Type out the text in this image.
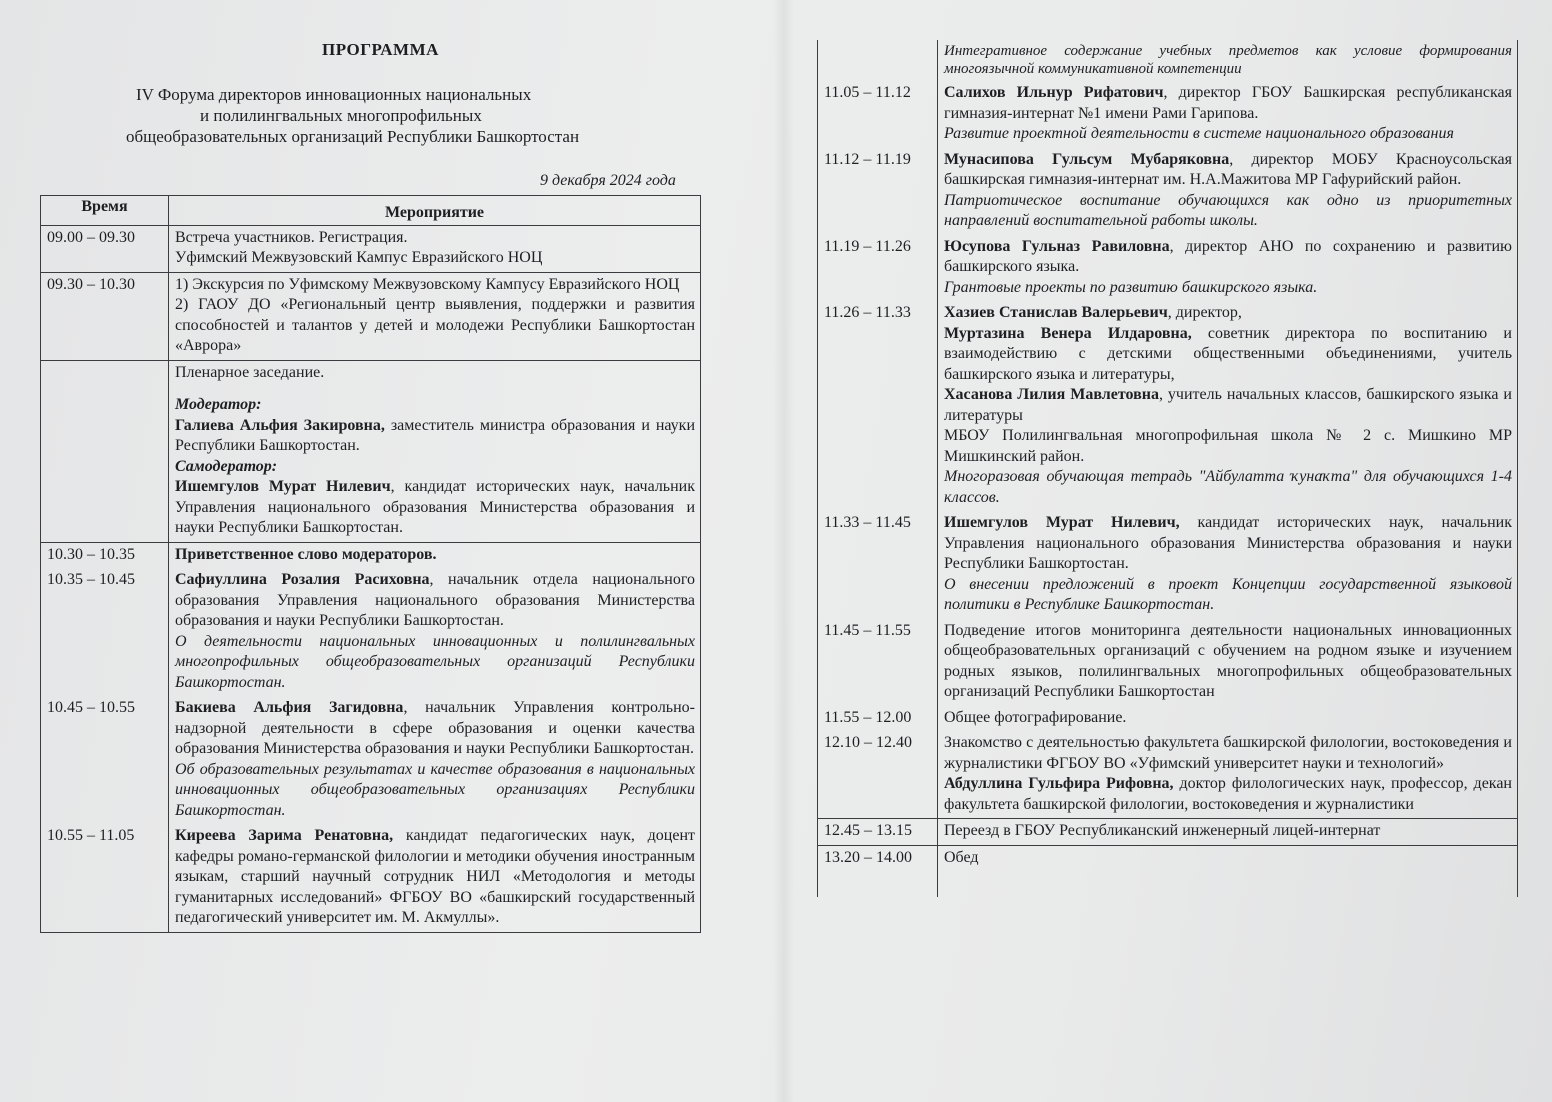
ПРОГРАММА
IV Форума директоров инновационных национальных
и полилингвальных многопрофильных
общеобразовательных организаций Республики Башкортостан
9 декабря 2024 года
Время	Мероприятие
09.00 – 09.30	Встреча участников. Регистрация.
Уфимский Межвузовский Кампус Евразийского НОЦ

09.30 – 10.30	1) Экскурсия по Уфимскому Межвузовскому Кампусу Евразийского НОЦ
2) ГАОУ ДО «Региональный центр выявления, поддержки и развития способностей и талантов у детей и молодежи Республики Башкортостан «Аврора»

	Пленарное заседание.
Модератор:
Галиева Альфия Закировна, заместитель министра образования и науки Республики Башкортостан.
Самодератор:
Ишемгулов Мурат Нилевич, кандидат исторических наук, начальник Управления национального образования Министерства образования и науки Республики Башкортостан.

10.30 – 10.35	Приветственное слово модераторов.
10.35 – 10.45	Сафиуллина Розалия Расиховна, начальник отдела национального образования Управления национального образования Министерства образования и науки Республики Башкортостан.
О деятельности национальных инновационных и полилингвальных многопрофильных общеобразовательных организаций Республики Башкортостан.

10.45 – 10.55	Бакиева Альфия Загидовна, начальник Управления контрольно-надзорной деятельности в сфере образования и оценки качества образования Министерства образования и науки Республики Башкортостан.
Об образовательных результатах и качестве образования в национальных инновационных общеобразовательных организациях Республики Башкортостан.

10.55 – 11.05	Киреева Зарима Ренатовна, кандидат педагогических наук, доцент кафедры романо-германской филологии и методики обучения иностранным языкам, старший научный сотрудник НИЛ «Методология и методы гуманитарных исследований» ФГБОУ ВО «башкирский государственный педагогический университет им. М. Акмуллы».
	Интегративное содержание учебных предметов как условие формирования многоязычной коммуникативной компетенции
11.05 – 11.12	Салихов Ильнур Рифатович, директор ГБОУ Башкирская республиканская гимназия-интернат №1 имени Рами Гарипова.
Развитие проектной деятельности в системе национального образования

11.12 – 11.19	Мунасипова Гульсум Мубаряковна, директор МОБУ Красноусольская башкирская гимназия-интернат им. Н.А.Мажитова МР Гафурийский район.
Патриотическое воспитание обучающихся как одно из приоритетных направлений воспитательной работы школы.

11.19 – 11.26	Юсупова Гульназ Равиловна, директор АНО по сохранению и развитию башкирского языка.
Грантовые проекты по развитию башкирского языка.

11.26 – 11.33	Хазиев Станислав Валерьевич, директор,
Муртазина Венера Илдаровна, советник директора по воспитанию и взаимодействию с детскими общественными объединениями, учитель башкирского языка и литературы,
Хасанова Лилия Мавлетовна, учитель начальных классов, башкирского языка и литературы
МБОУ Полилингвальная многопрофильная школа № 2 с. Мишкино МР Мишкинский район.
Многоразовая обучающая тетрадь "Айбулатта ҡунаҡта" для обучающихся 1-4 классов.

11.33 – 11.45	Ишемгулов Мурат Нилевич, кандидат исторических наук, начальник Управления национального образования Министерства образования и науки Республики Башкортостан.
О внесении предложений в проект Концепции государственной языковой политики в Республике Башкортостан.

11.45 – 11.55	Подведение итогов мониторинга деятельности национальных инновационных общеобразовательных организаций с обучением на родном языке и изучением родных языков, полилингвальных многопрофильных общеобразовательных организаций Республики Башкортостан
11.55 – 12.00	Общее фотографирование.
12.10 – 12.40	Знакомство с деятельностью факультета башкирской филологии, востоковедения и журналистики ФГБОУ ВО «Уфимский университет науки и технологий»
Абдуллина Гульфира Рифовна, доктор филологических наук, профессор, декан факультета башкирской филологии, востоковедения и журналистики

12.45 – 13.15	Переезд в ГБОУ Республиканский инженерный лицей-интернат
13.20 – 14.00	Обед
